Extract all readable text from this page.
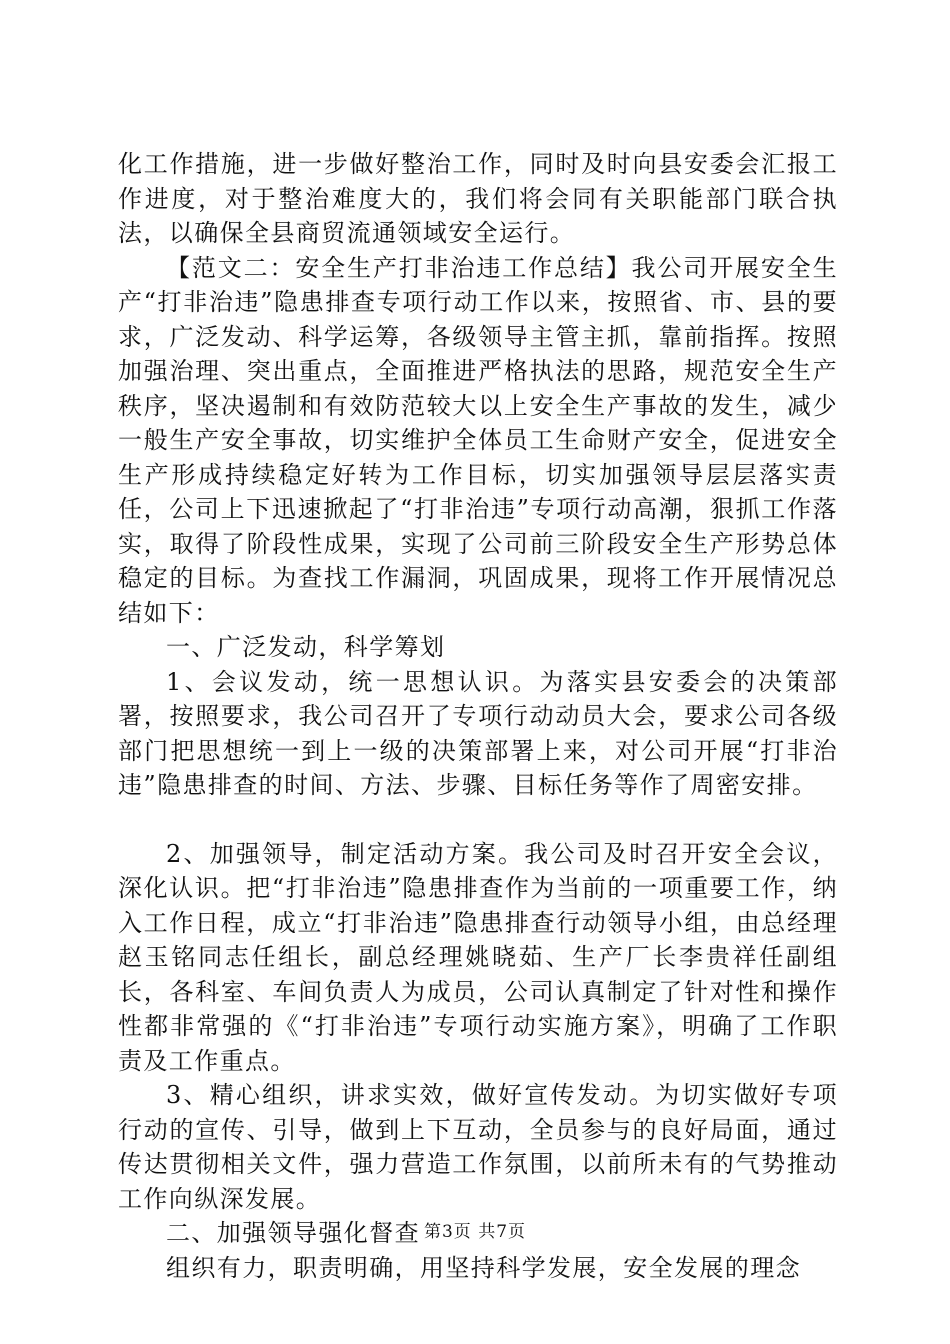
化工作措施，进一步做好整治工作，同时及时向县安委会汇报工作进度，对于整治难度大的，我们将会同有关职能部门联合执法，以确保全县商贸流通领域安全运行。

【范文二：安全生产打非治违工作总结】我公司开展安全生产“打非治违”隐患排查专项行动工作以来，按照省、市、县的要求，广泛发动、科学运筹，各级领导主管主抓，靠前指挥。按照加强治理、突出重点，全面推进严格执法的思路，规范安全生产秩序，坚决遏制和有效防范较大以上安全生产事故的发生，减少一般生产安全事故，切实维护全体员工生命财产安全，促进安全生产形成持续稳定好转为工作目标，切实加强领导层层落实责任，公司上下迅速掀起了“打非治违”专项行动高潮，狠抓工作落实，取得了阶段性成果，实现了公司前三阶段安全生产形势总体稳定的目标。为查找工作漏洞，巩固成果，现将工作开展情况总结如下：

一、广泛发动，科学筹划

1、会议发动，统一思想认识。为落实县安委会的决策部署，按照要求，我公司召开了专项行动动员大会，要求公司各级部门把思想统一到上一级的决策部署上来，对公司开展“打非治违”隐患排查的时间、方法、步骤、目标任务等作了周密安排。

2、加强领导，制定活动方案。我公司及时召开安全会议，深化认识。把“打非治违”隐患排查作为当前的一项重要工作，纳入工作日程，成立“打非治违”隐患排查行动领导小组，由总经理赵玉铭同志任组长，副总经理姚晓茹、生产厂长李贵祥任副组长，各科室、车间负责人为成员，公司认真制定了针对性和操作性都非常强的《“打非治违”专项行动实施方案》，明确了工作职责及工作重点。

3、精心组织，讲求实效，做好宣传发动。为切实做好专项行动的宣传、引导，做到上下互动，全员参与的良好局面，通过传达贯彻相关文件，强力营造工作氛围，以前所未有的气势推动工作向纵深发展。

二、加强领导强化督查

组织有力，职责明确，用坚持科学发展，安全发展的理念

第3页 共7页
